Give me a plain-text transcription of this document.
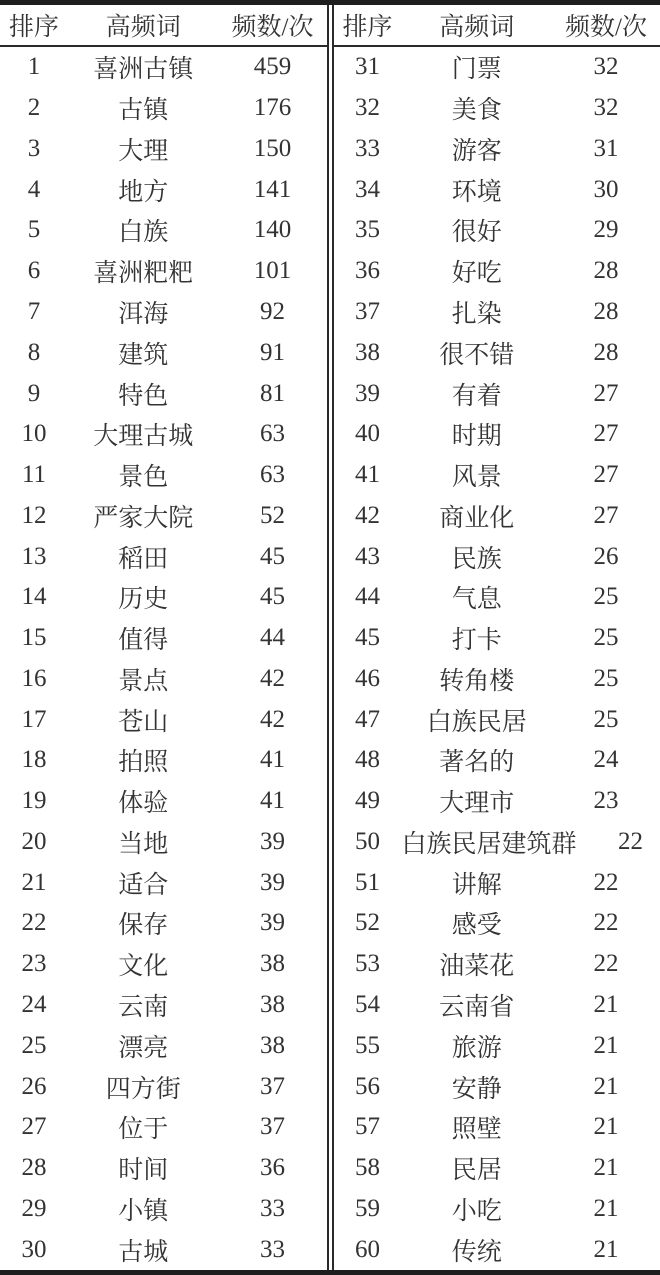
排序	高频词	频数/次
1	喜洲古镇	459
2	古镇	176
3	大理	150
4	地方	141
5	白族	140
6	喜洲粑粑	101
7	洱海	92
8	建筑	91
9	特色	81
10	大理古城	63
11	景色	63
12	严家大院	52
13	稻田	45
14	历史	45
15	值得	44
16	景点	42
17	苍山	42
18	拍照	41
19	体验	41
20	当地	39
21	适合	39
22	保存	39
23	文化	38
24	云南	38
25	漂亮	38
26	四方街	37
27	位于	37
28	时间	36
29	小镇	33
30	古城	33
排序	高频词	频数/次
31	门票	32
32	美食	32
33	游客	31
34	环境	30
35	很好	29
36	好吃	28
37	扎染	28
38	很不错	28
39	有着	27
40	时期	27
41	风景	27
42	商业化	27
43	民族	26
44	气息	25
45	打卡	25
46	转角楼	25
47	白族民居	25
48	著名的	24
49	大理市	23
50 白族民居建筑群	22
51	讲解	22
52	感受	22
53	油菜花	22
54	云南省	21
55	旅游	21
56	安静	21
57	照壁	21
58	民居	21
59	小吃	21
60	传统	21
